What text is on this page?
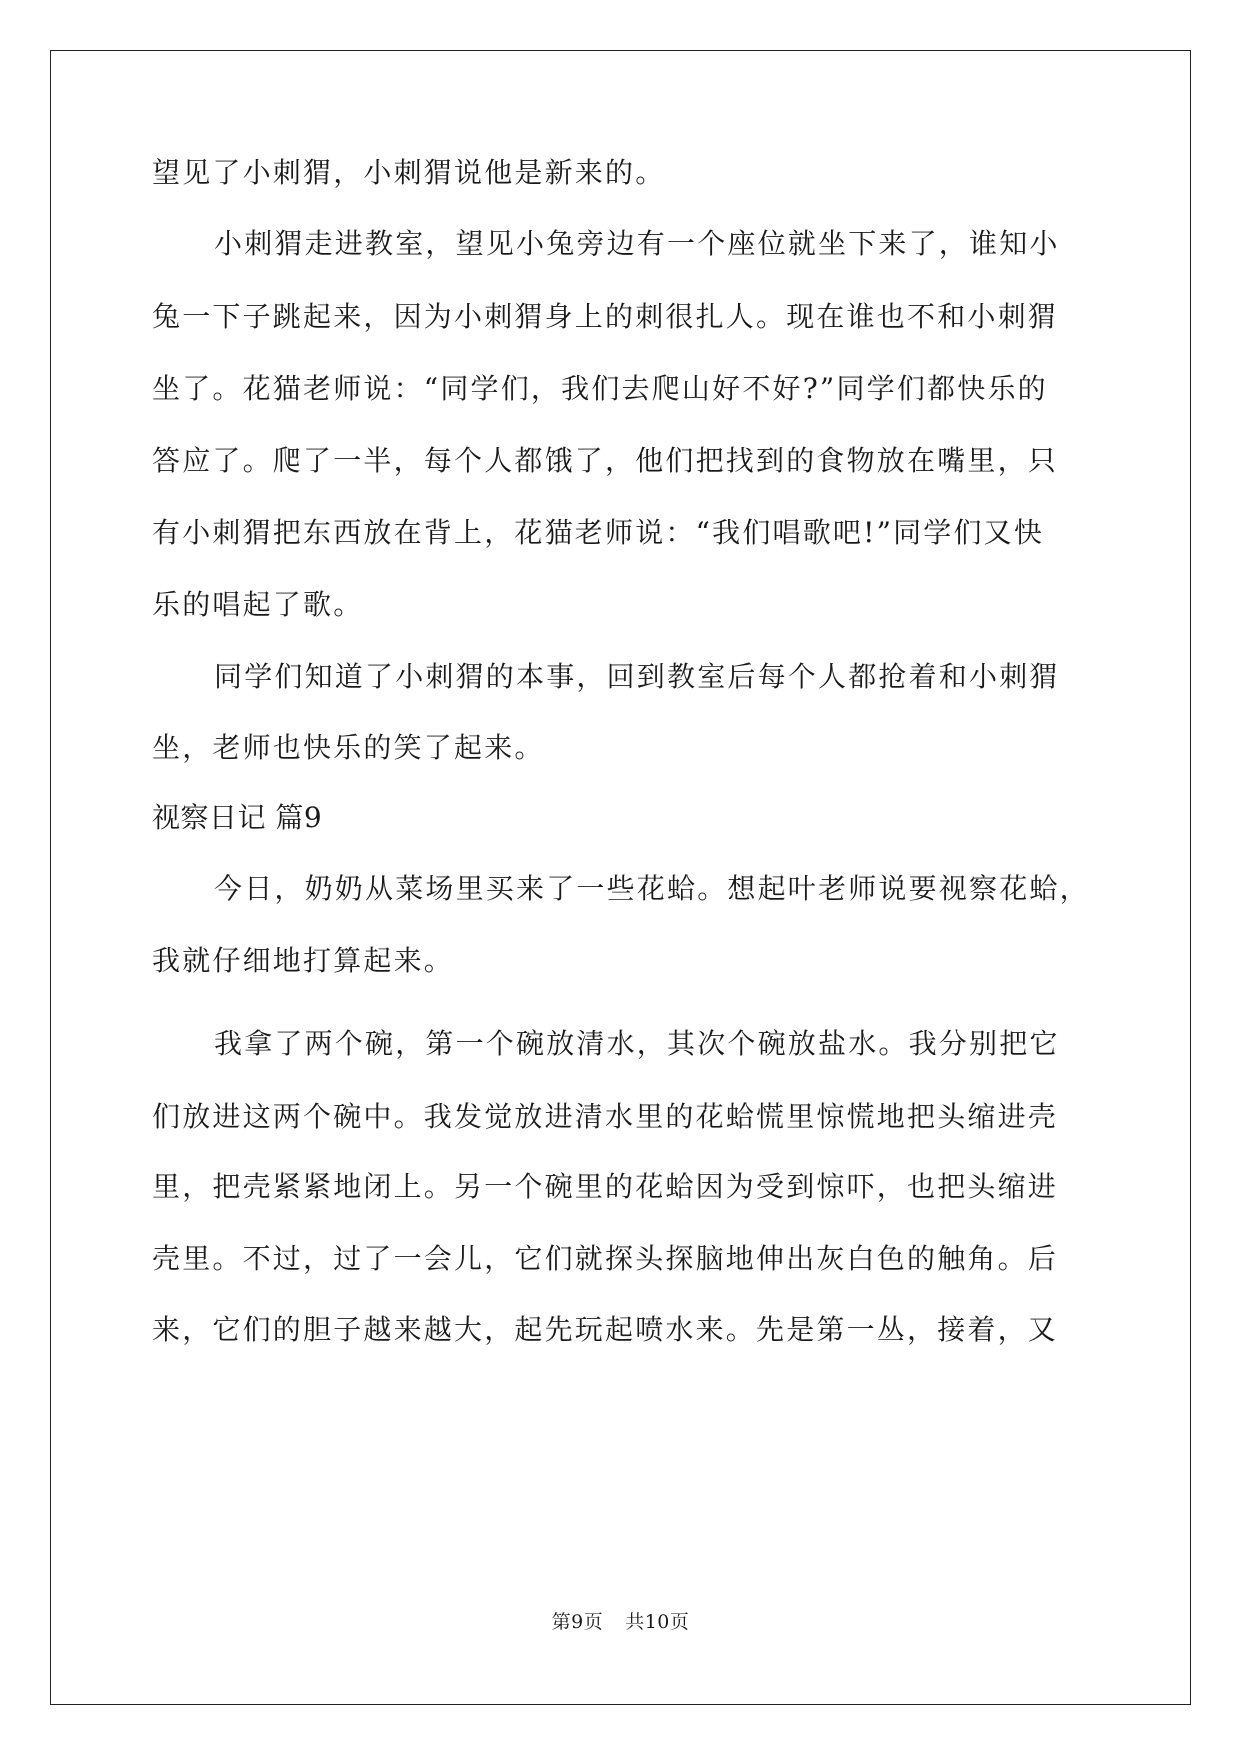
望见了小刺猬，小刺猬说他是新来的。
小刺猬走进教室，望见小兔旁边有一个座位就坐下来了，谁知小
兔一下子跳起来，因为小刺猬身上的刺很扎人。现在谁也不和小刺猬
坐了。花猫老师说：“同学们，我们去爬山好不好?”同学们都快乐的
答应了。爬了一半，每个人都饿了，他们把找到的食物放在嘴里，只
有小刺猬把东西放在背上，花猫老师说：“我们唱歌吧!”同学们又快
乐的唱起了歌。
同学们知道了小刺猬的本事，回到教室后每个人都抢着和小刺猬
坐，老师也快乐的笑了起来。
视察日记 篇9
今日，奶奶从菜场里买来了一些花蛤。想起叶老师说要视察花蛤，
我就仔细地打算起来。
我拿了两个碗，第一个碗放清水，其次个碗放盐水。我分别把它
们放进这两个碗中。我发觉放进清水里的花蛤慌里惊慌地把头缩进壳
里，把壳紧紧地闭上。另一个碗里的花蛤因为受到惊吓，也把头缩进
壳里。不过，过了一会儿，它们就探头探脑地伸出灰白色的触角。后
来，它们的胆子越来越大，起先玩起喷水来。先是第一丛，接着，又
第9页 共10页
